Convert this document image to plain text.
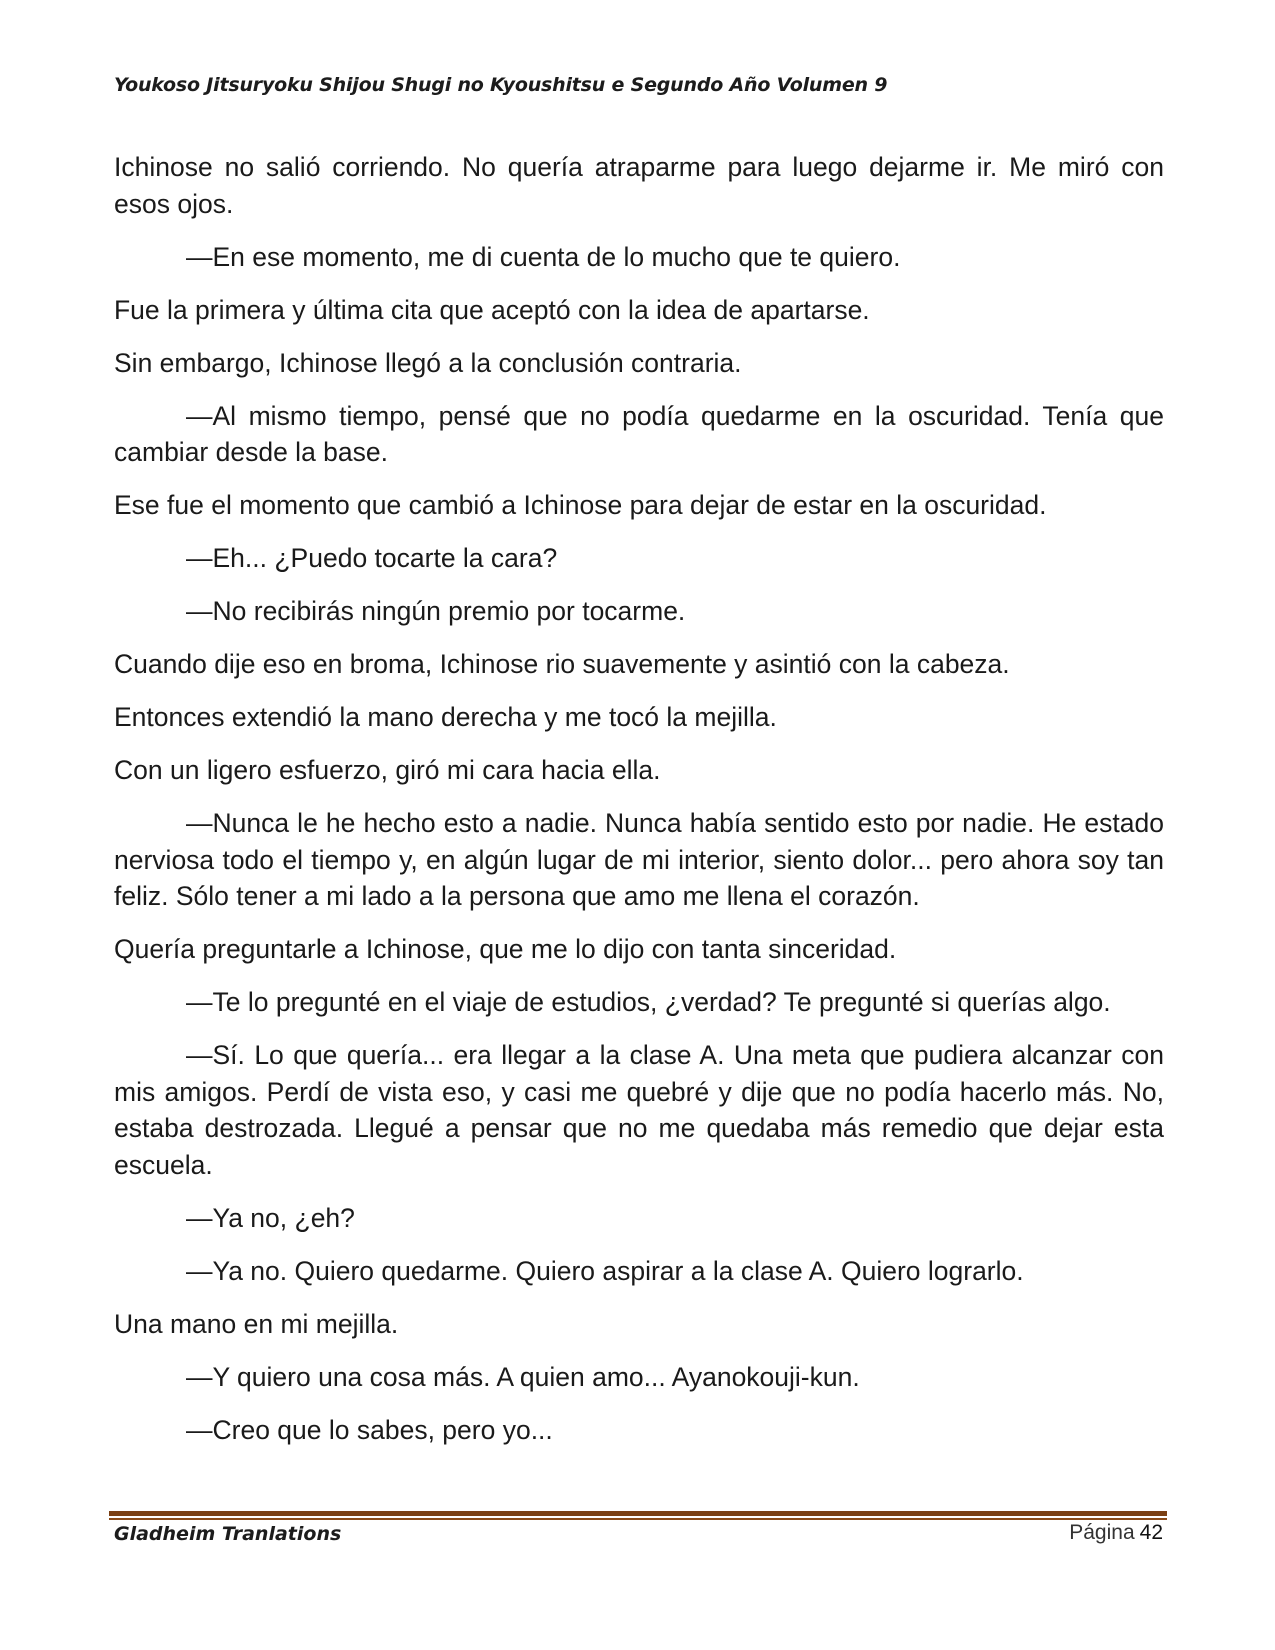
Youkoso Jitsuryoku Shijou Shugi no Kyoushitsu e Segundo Año Volumen 9

Ichinose no salió corriendo. No quería atraparme para luego dejarme ir. Me miró con esos ojos.

—En ese momento, me di cuenta de lo mucho que te quiero.

Fue la primera y última cita que aceptó con la idea de apartarse.

Sin embargo, Ichinose llegó a la conclusión contraria.

—Al mismo tiempo, pensé que no podía quedarme en la oscuridad. Tenía que cambiar desde la base.

Ese fue el momento que cambió a Ichinose para dejar de estar en la oscuridad.

—Eh... ¿Puedo tocarte la cara?

—No recibirás ningún premio por tocarme.

Cuando dije eso en broma, Ichinose rio suavemente y asintió con la cabeza.

Entonces extendió la mano derecha y me tocó la mejilla.

Con un ligero esfuerzo, giró mi cara hacia ella.

—Nunca le he hecho esto a nadie. Nunca había sentido esto por nadie. He estado nerviosa todo el tiempo y, en algún lugar de mi interior, siento dolor... pero ahora soy tan feliz. Sólo tener a mi lado a la persona que amo me llena el corazón.

Quería preguntarle a Ichinose, que me lo dijo con tanta sinceridad.

—Te lo pregunté en el viaje de estudios, ¿verdad? Te pregunté si querías algo.

—Sí. Lo que quería... era llegar a la clase A. Una meta que pudiera alcanzar con mis amigos. Perdí de vista eso, y casi me quebré y dije que no podía hacerlo más. No, estaba destrozada. Llegué a pensar que no me quedaba más remedio que dejar esta escuela.

—Ya no, ¿eh?

—Ya no. Quiero quedarme. Quiero aspirar a la clase A. Quiero lograrlo.

Una mano en mi mejilla.

—Y quiero una cosa más. A quien amo... Ayanokouji-kun.

—Creo que lo sabes, pero yo...

Gladheim Tranlations	Página 42
